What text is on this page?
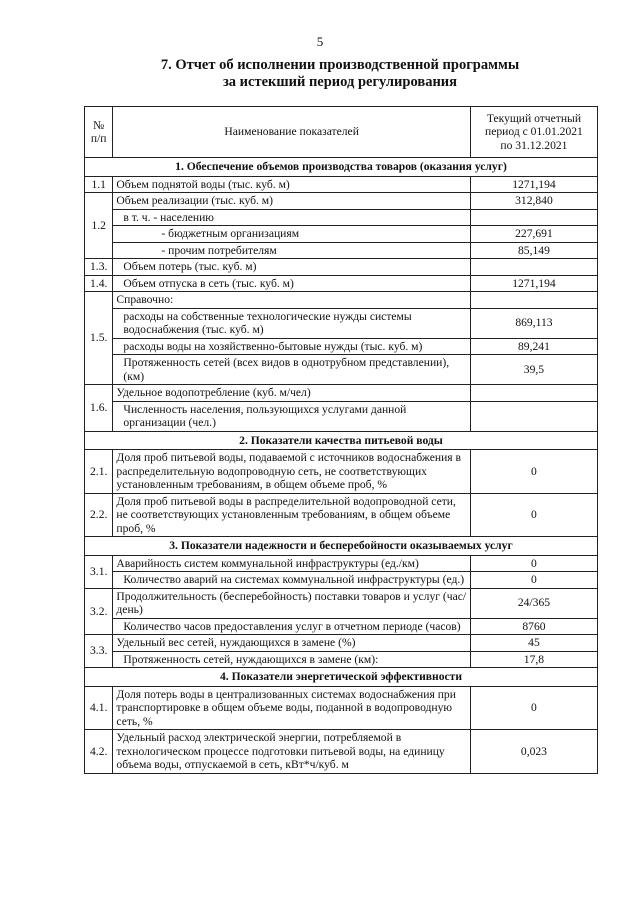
5
7. Отчет об исполнении производственной программы
за истекший период регулирования
№
п/п	Наименование показателей	Текущий отчетный
период с 01.01.2021
по 31.12.2021
1. Обеспечение объемов производства товаров (оказания услуг)		
1.1	Объем поднятой воды (тыс. куб. м)	1271,194
1.2	Объем реализации (тыс. куб. м)	312,840
	в т. ч. - населению	
	- бюджетным организациям	227,691
	- прочим потребителям	85,149
1.3.	Объем потерь (тыс. куб. м)	
1.4.	Объем отпуска в сеть (тыс. куб. м)	1271,194
1.5.	Справочно:	
	расходы на собственные технологические нужды системы водоснабжения (тыс. куб. м)	869,113
	расходы воды на хозяйственно-бытовые нужды (тыс. куб. м)	89,241
	Протяженность сетей (всех видов в однотрубном представлении), (км)	39,5
1.6.	Удельное водопотребление (куб. м/чел)	
	Численность населения, пользующихся услугами данной организации (чел.)	
2. Показатели качества питьевой воды		
2.1.	Доля проб питьевой воды, подаваемой с источников водоснабжения в распределительную водопроводную сеть, не соответствующих установленным требованиям, в общем объеме проб, %	0
2.2.	Доля проб питьевой воды в распределительной водопроводной сети, не соответствующих установленным требованиям, в общем объеме проб, %	0
3. Показатели надежности и бесперебойности оказываемых услуг		
3.1.	Аварийность систем коммунальной инфраструктуры (ед./км)	0
	Количество аварий на системах коммунальной инфраструктуры (ед.)	0
3.2.	Продолжительность (бесперебойность) поставки товаров и услуг (час/день)	24/365
	Количество часов предоставления услуг в отчетном периоде (часов)	8760
3.3.	Удельный вес сетей, нуждающихся в замене (%)	45
	Протяженность сетей, нуждающихся в замене (км):	17,8
4. Показатели энергетической эффективности		
4.1.	Доля потерь воды в централизованных системах водоснабжения при транспортировке в общем объеме воды, поданной в водопроводную сеть, %	0
4.2.	Удельный расход электрической энергии, потребляемой в технологическом процессе подготовки питьевой воды, на единицу объема воды, отпускаемой в сеть, кВт*ч/куб. м	0,023
